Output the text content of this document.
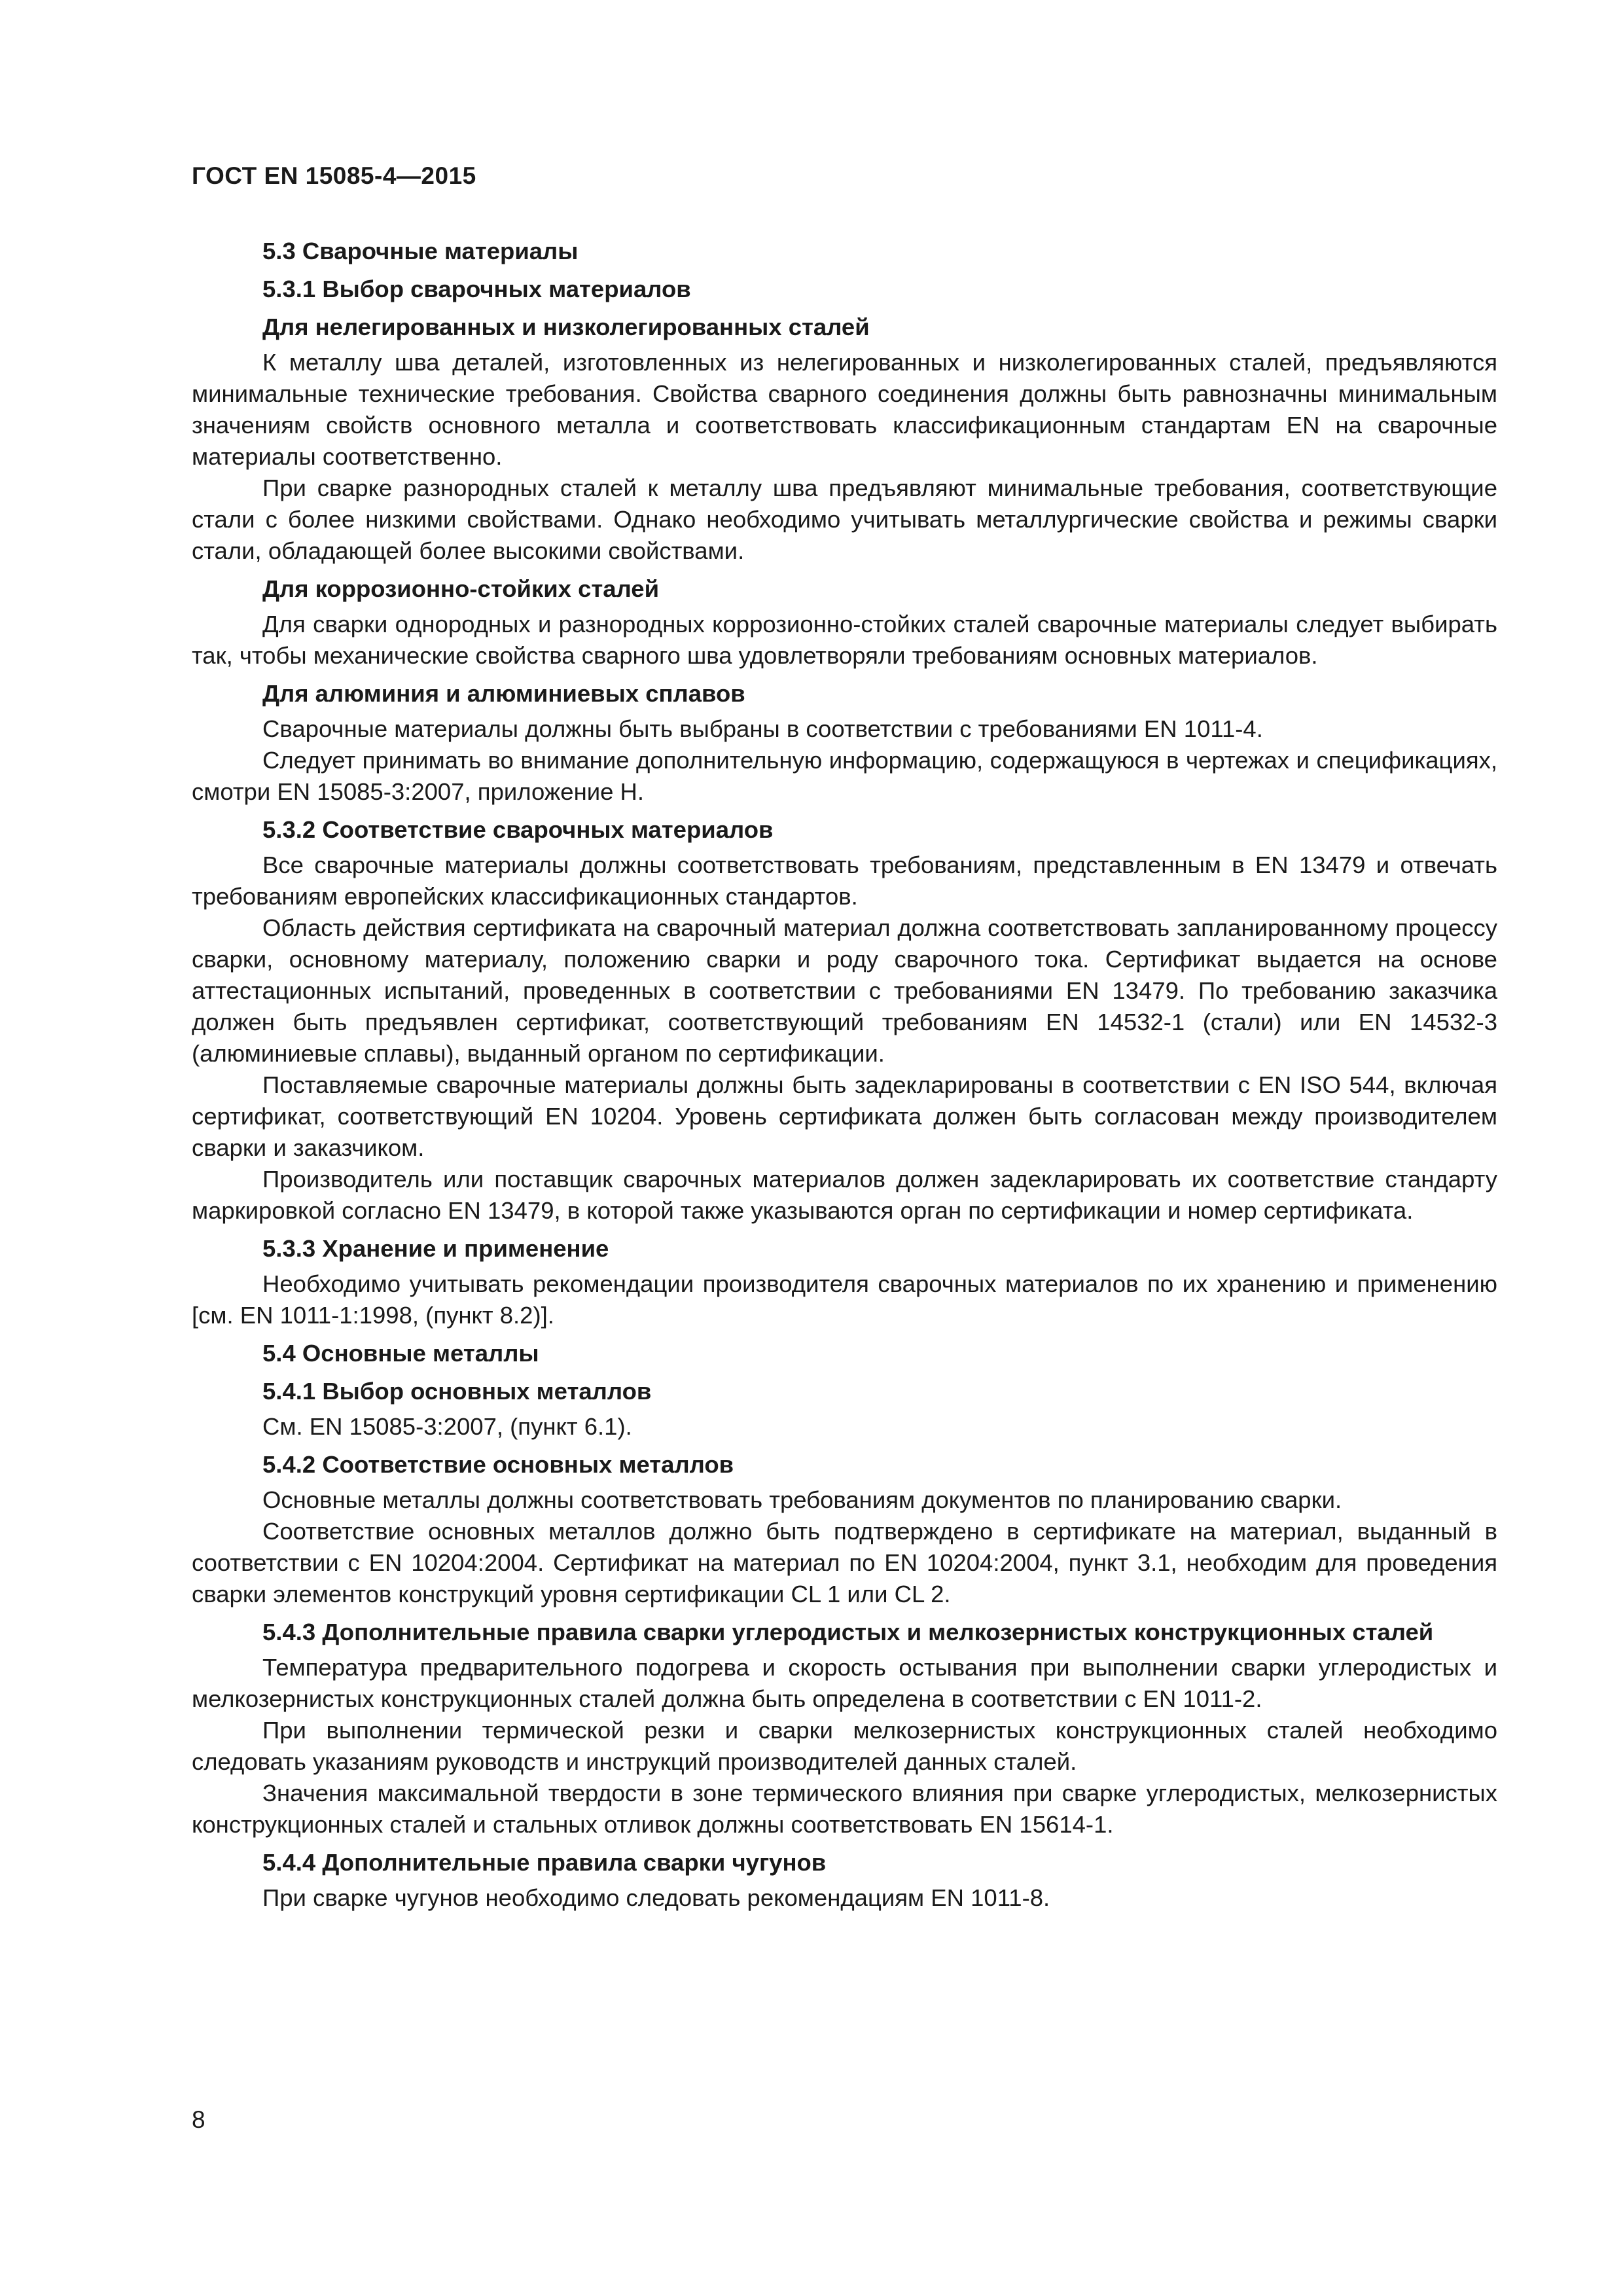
ГОСТ EN 15085-4—2015
5.3 Сварочные материалы
5.3.1 Выбор сварочных материалов
Для нелегированных и низколегированных сталей

К металлу шва деталей, изготовленных из нелегированных и низколегированных сталей, предъявляются минимальные технические требования. Свойства сварного соединения должны быть равнозначны минимальным значениям свойств основного металла и соответствовать классификационным стандартам EN на сварочные материалы соответственно.

При сварке разнородных сталей к металлу шва предъявляют минимальные требования, соответствующие стали с более низкими свойствами. Однако необходимо учитывать металлургические свойства и режимы сварки стали, обладающей более высокими свойствами.

Для коррозионно-стойких сталей

Для сварки однородных и разнородных коррозионно-стойких сталей сварочные материалы следует выбирать так, чтобы механические свойства сварного шва удовлетворяли требованиям основных материалов.

Для алюминия и алюминиевых сплавов

Сварочные материалы должны быть выбраны в соответствии с требованиями EN 1011-4.

Следует принимать во внимание дополнительную информацию, содержащуюся в чертежах и спецификациях, смотри EN 15085-3:2007, приложение H.

5.3.2 Соответствие сварочных материалов

Все сварочные материалы должны соответствовать требованиям, представленным в EN 13479 и отвечать требованиям европейских классификационных стандартов.

Область действия сертификата на сварочный материал должна соответствовать запланированному процессу сварки, основному материалу, положению сварки и роду сварочного тока. Сертификат выдается на основе аттестационных испытаний, проведенных в соответствии с требованиями EN 13479. По требованию заказчика должен быть предъявлен сертификат, соответствующий требованиям EN 14532-1 (стали) или EN 14532-3 (алюминиевые сплавы), выданный органом по сертификации.

Поставляемые сварочные материалы должны быть задекларированы в соответствии с EN ISO 544, включая сертификат, соответствующий EN 10204. Уровень сертификата должен быть согласован между производителем сварки и заказчиком.

Производитель или поставщик сварочных материалов должен задекларировать их соответствие стандарту маркировкой согласно EN 13479, в которой также указываются орган по сертификации и номер сертификата.

5.3.3 Хранение и применение

Необходимо учитывать рекомендации производителя сварочных материалов по их хранению и применению [см. EN 1011-1:1998, (пункт 8.2)].

5.4 Основные металлы
5.4.1 Выбор основных металлов

См. EN 15085-3:2007, (пункт 6.1).

5.4.2 Соответствие основных металлов

Основные металлы должны соответствовать требованиям документов по планированию сварки.

Соответствие основных металлов должно быть подтверждено в сертификате на материал, выданный в соответствии с EN 10204:2004. Сертификат на материал по EN 10204:2004, пункт 3.1, необходим для проведения сварки элементов конструкций уровня сертификации CL 1 или CL 2.

5.4.3 Дополнительные правила сварки углеродистых и мелкозернистых конструкционных сталей

Температура предварительного подогрева и скорость остывания при выполнении сварки углеродистых и мелкозернистых конструкционных сталей должна быть определена в соответствии с EN 1011-2.

При выполнении термической резки и сварки мелкозернистых конструкционных сталей необходимо следовать указаниям руководств и инструкций производителей данных сталей.

Значения максимальной твердости в зоне термического влияния при сварке углеродистых, мелкозернистых конструкционных сталей и стальных отливок должны соответствовать EN 15614-1.

5.4.4 Дополнительные правила сварки чугунов

При сварке чугунов необходимо следовать рекомендациям EN 1011-8.

8
